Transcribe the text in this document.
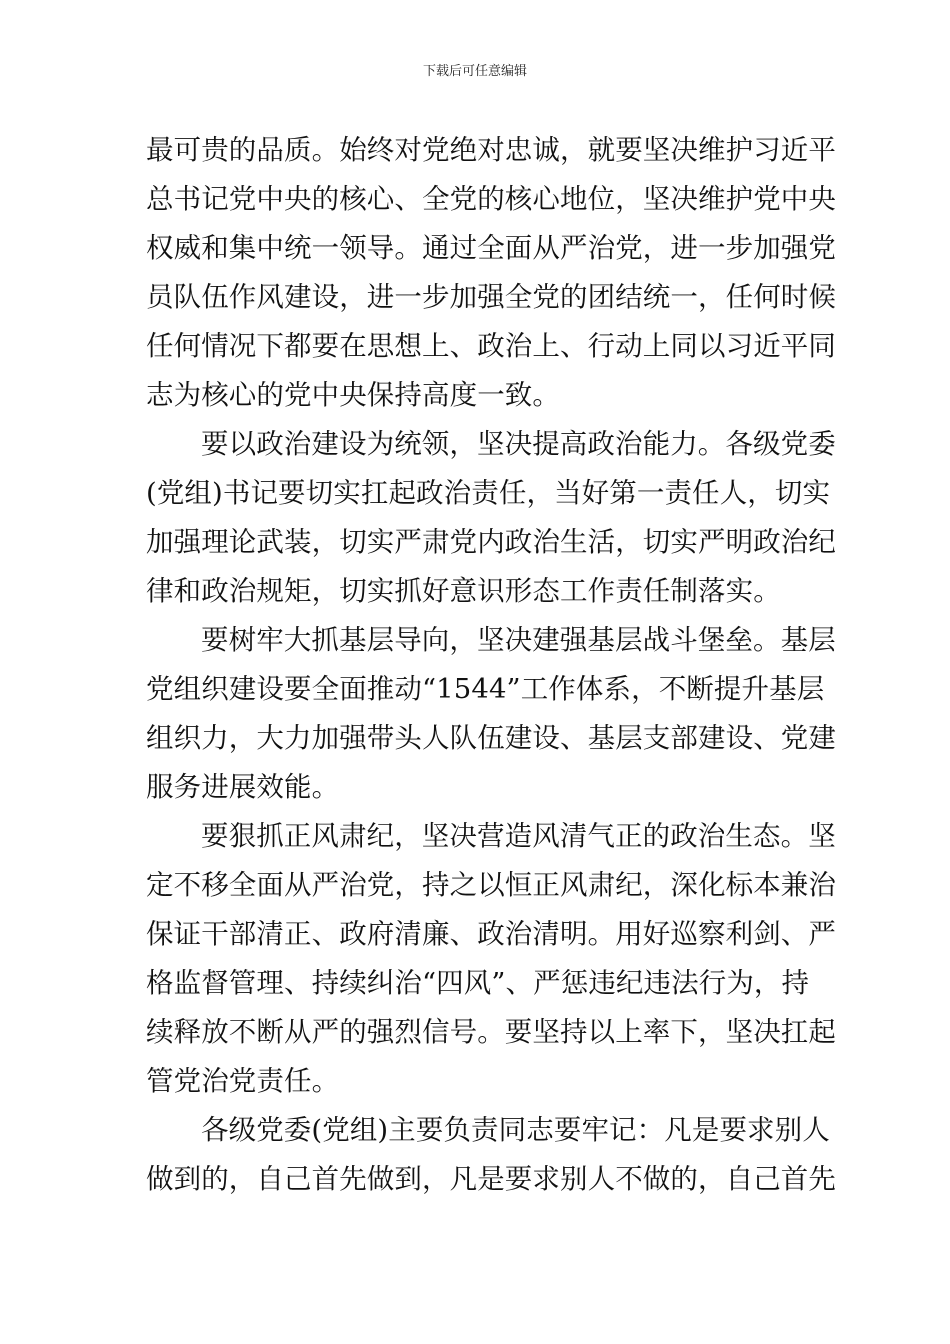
下载后可任意编辑
最可贵的品质。始终对党绝对忠诚，就要坚决维护习近平
总书记党中央的核心、全党的核心地位，坚决维护党中央
权威和集中统一领导。通过全面从严治党，进一步加强党
员队伍作风建设，进一步加强全党的团结统一，任何时候
任何情况下都要在思想上、政治上、行动上同以习近平同
志为核心的党中央保持高度一致。
要以政治建设为统领，坚决提高政治能力。各级党委
(党组)书记要切实扛起政治责任，当好第一责任人，切实
加强理论武装，切实严肃党内政治生活，切实严明政治纪
律和政治规矩，切实抓好意识形态工作责任制落实。
要树牢大抓基层导向，坚决建强基层战斗堡垒。基层
党组织建设要全面推动“1544”工作体系，不断提升基层
组织力，大力加强带头人队伍建设、基层支部建设、党建
服务进展效能。
要狠抓正风肃纪，坚决营造风清气正的政治生态。坚
定不移全面从严治党，持之以恒正风肃纪，深化标本兼治
保证干部清正、政府清廉、政治清明。用好巡察利剑、严
格监督管理、持续纠治“四风”、严惩违纪违法行为，持
续释放不断从严的强烈信号。要坚持以上率下，坚决扛起
管党治党责任。
各级党委(党组)主要负责同志要牢记：凡是要求别人
做到的，自己首先做到，凡是要求别人不做的，自己首先
